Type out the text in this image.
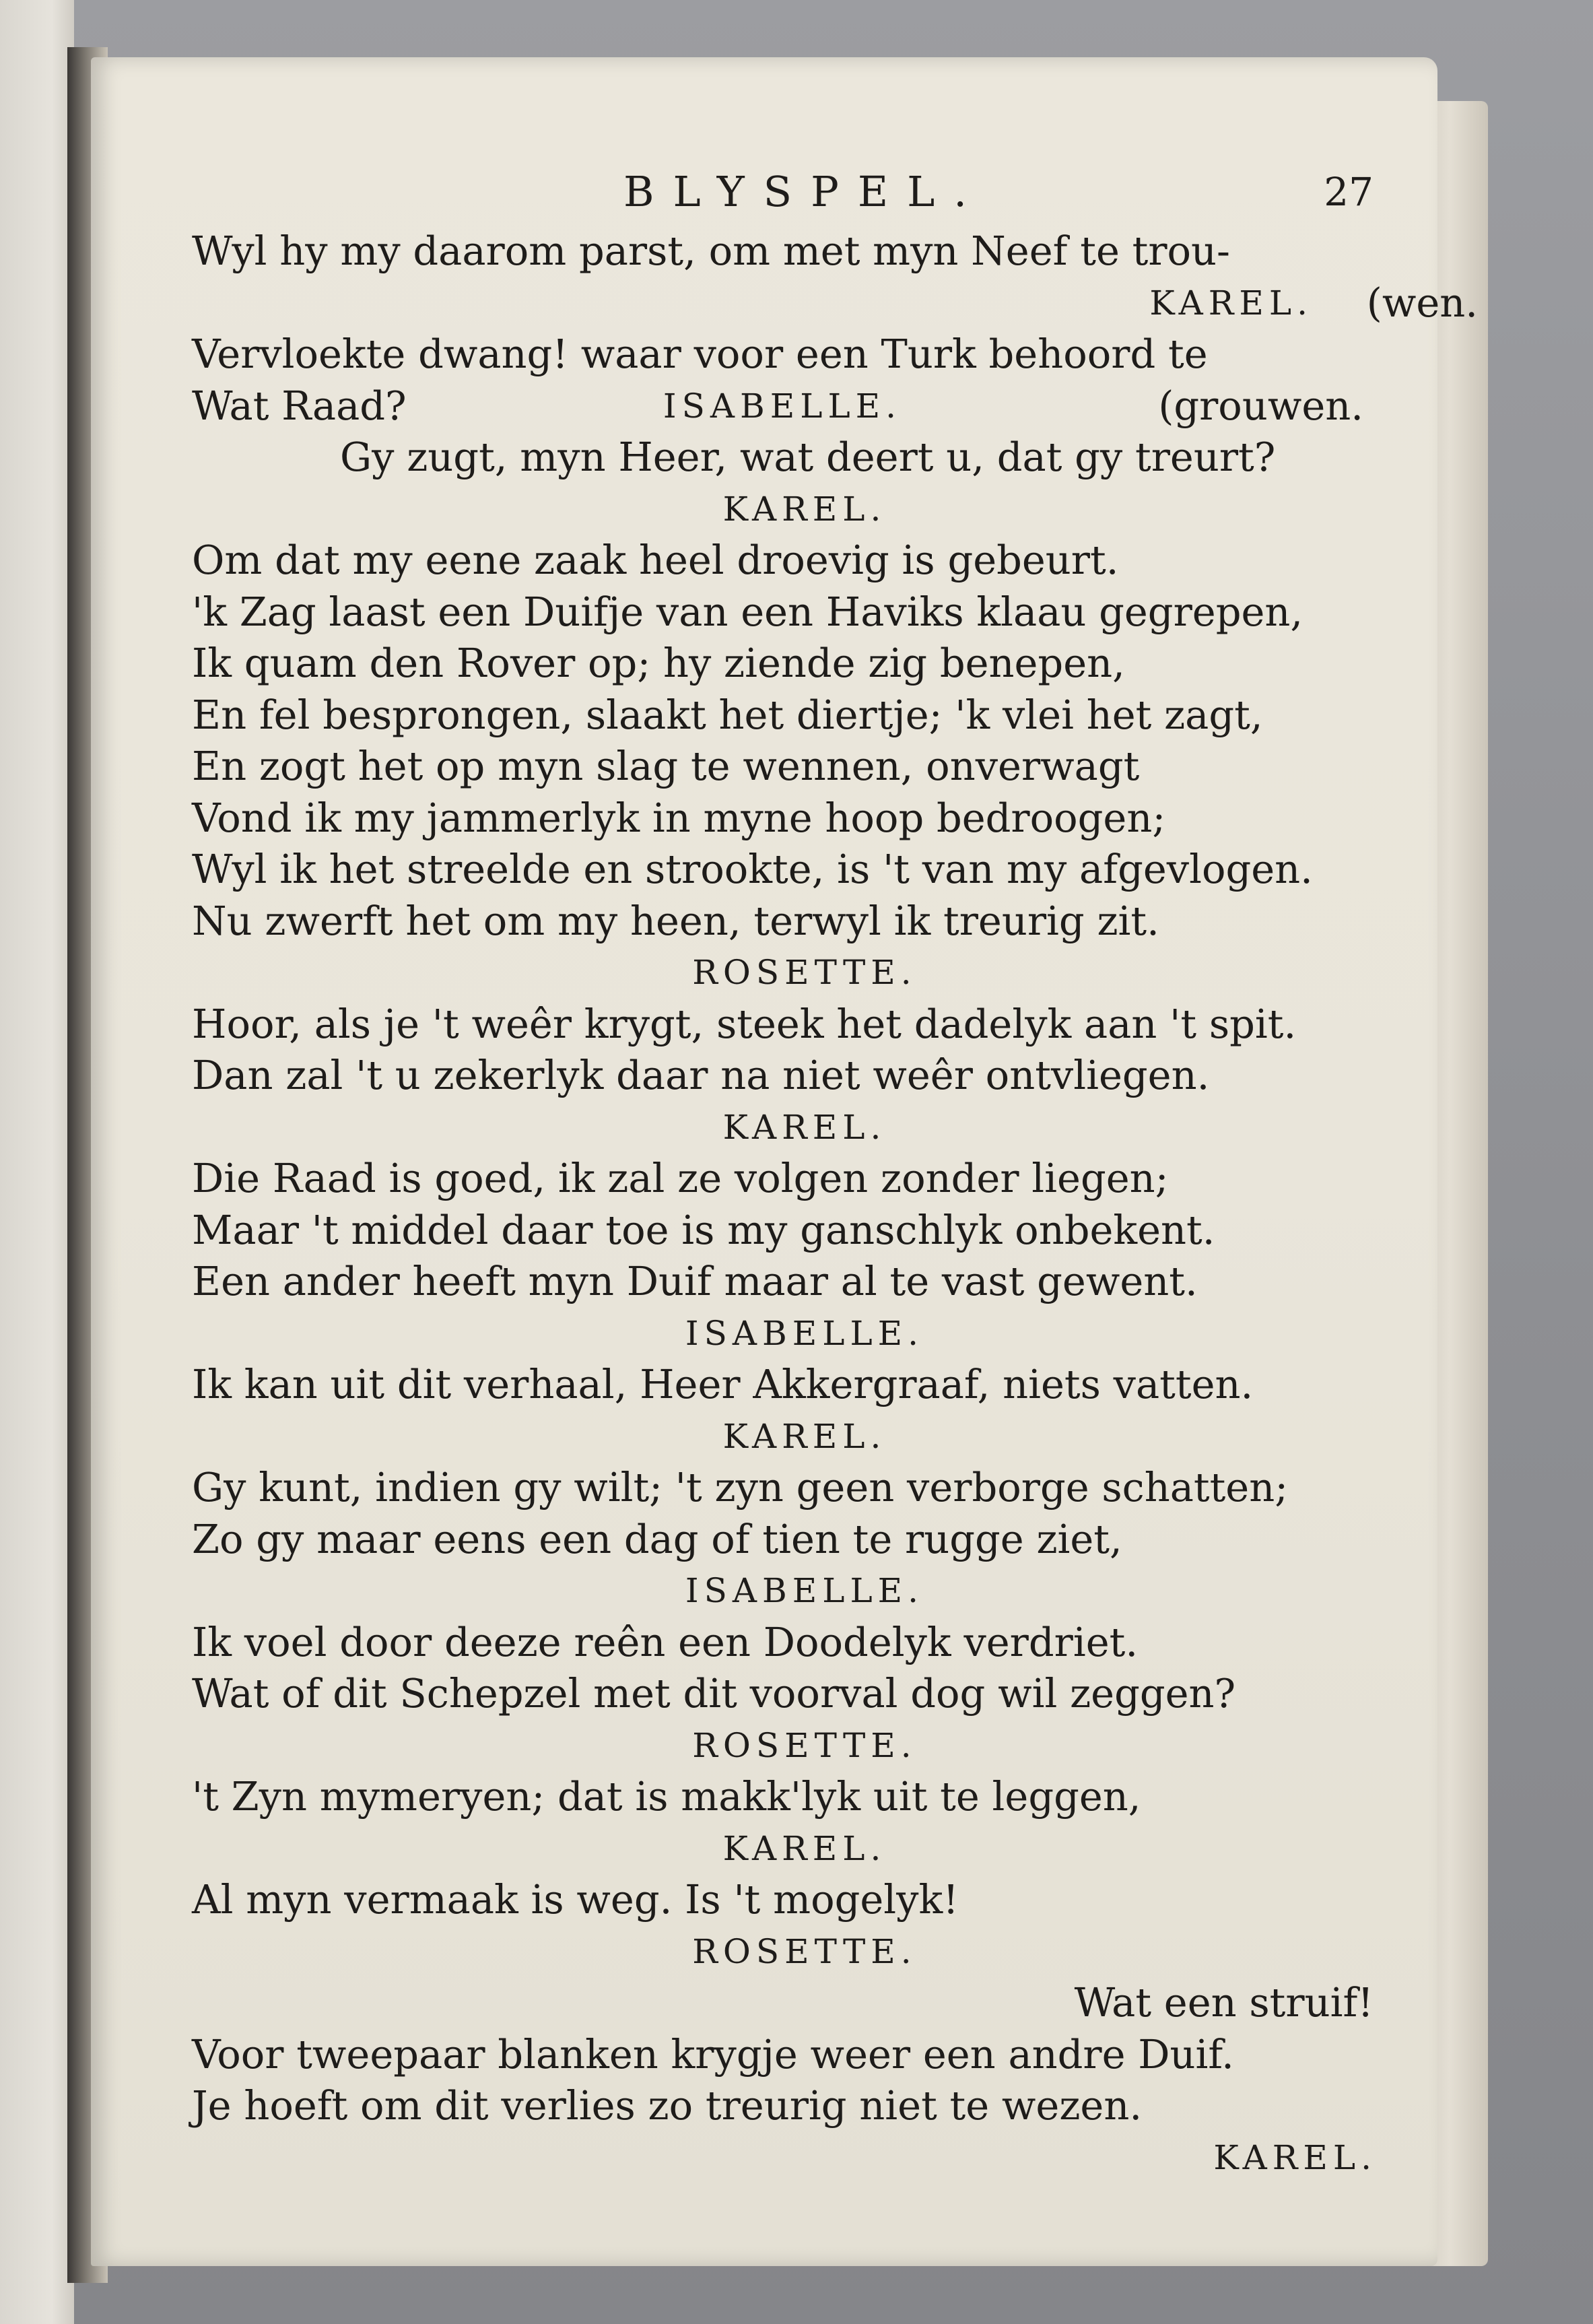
BLYSPEL.	27
Wyl hy my daarom parst, om met myn Neef te trou-
KAREL. (wen.
Vervloekte dwang! waar voor een Turk behoord te
Wat Raad?	ISABELLE.	(grouwen.
Gy zugt, myn Heer, wat deert u, dat gy treurt?
KAREL.
Om dat my eene zaak heel droevig is gebeurt.
'k Zag laast een Duifje van een Haviks klaau gegrepen,
Ik quam den Rover op; hy ziende zig benepen,
En fel besprongen, slaakt het diertje; 'k vlei het zagt,
En zogt het op myn slag te wennen, onverwagt
Vond ik my jammerlyk in myne hoop bedroogen;
Wyl ik het streelde en strookte, is 't van my afgevlogen.
Nu zwerft het om my heen, terwyl ik treurig zit.
ROSETTE.
Hoor, als je 't weêr krygt, steek het dadelyk aan 't spit.
Dan zal 't u zekerlyk daar na niet weêr ontvliegen.
KAREL.
Die Raad is goed, ik zal ze volgen zonder liegen;
Maar 't middel daar toe is my ganschlyk onbekent.
Een ander heeft myn Duif maar al te vast gewent.
ISABELLE.
Ik kan uit dit verhaal, Heer Akkergraaf, niets vatten.
KAREL.
Gy kunt, indien gy wilt; 't zyn geen verborge schatten;
Zo gy maar eens een dag of tien te rugge ziet,
ISABELLE.
Ik voel door deeze reên een Doodelyk verdriet.
Wat of dit Schepzel met dit voorval dog wil zeggen?
ROSETTE.
't Zyn mymeryen; dat is makk'lyk uit te leggen,
KAREL.
Al myn vermaak is weg. Is 't mogelyk!
ROSETTE.
Wat een struif!
Voor tweepaar blanken krygje weer een andre Duif.
Je hoeft om dit verlies zo treurig niet te wezen.
KAREL.
